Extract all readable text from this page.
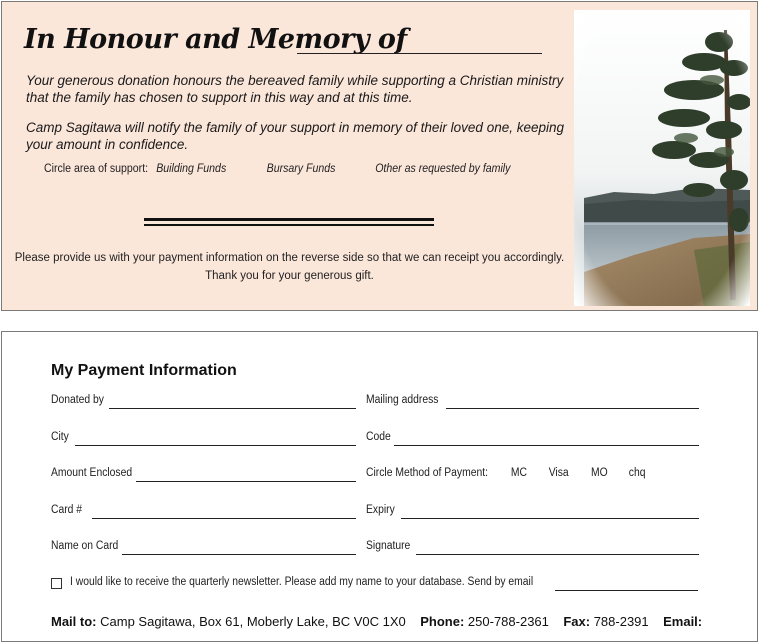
In Honour and Memory of

Your generous donation honours the bereaved family while supporting a Christian ministry that the family has chosen to support in this way and at this time.

Camp Sagitawa will notify the family of your support in memory of their loved one, keeping your amount in confidence.

Circle area of support: Building Funds	Bursary Funds	Other as requested by family
Please provide us with your payment information on the reverse side so that we can receipt you accordingly.
Thank you for your generous gift.
My Payment Information
Donated by	Mailing address
City	Code
Amount Enclosed	Circle Method of Payment: MC Visa MO chq
Card #	Expiry
Name on Card	Signature
I would like to receive the quarterly newsletter. Please add my name to your database. Send by email
Mail to: Camp Sagitawa, Box 61, Moberly Lake, BC V0C 1X0 Phone: 250-788-2361 Fax: 788-2391 Email:
